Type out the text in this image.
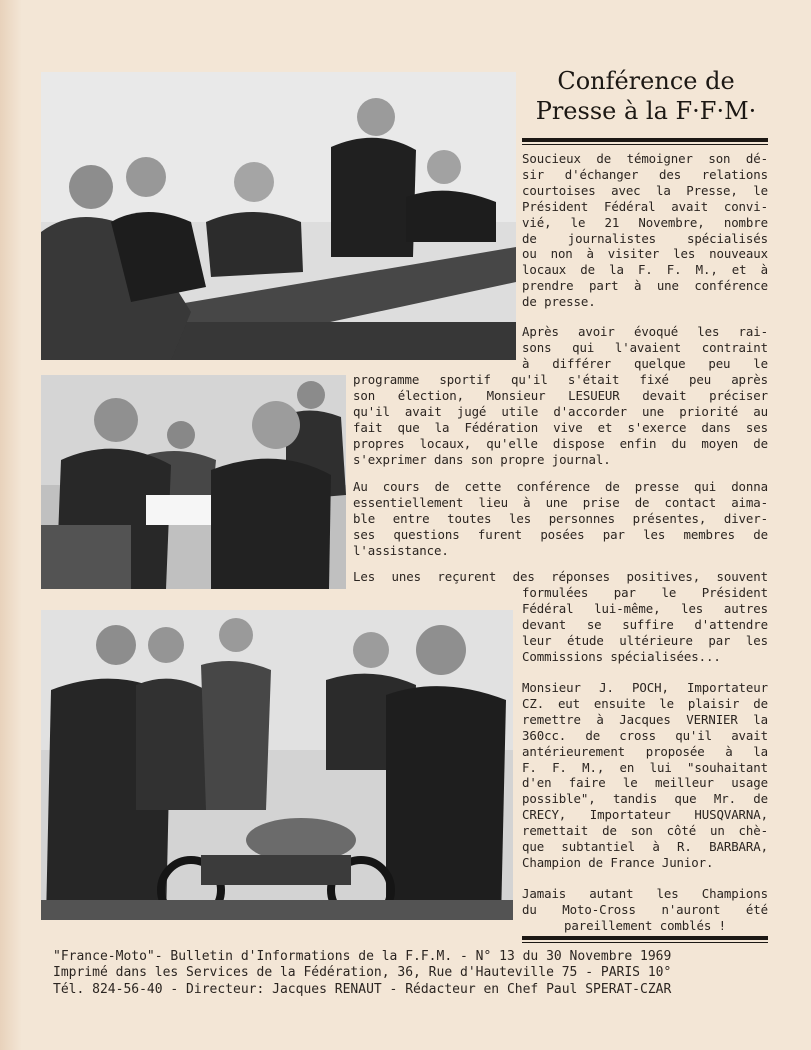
Conférence de
Presse à la F·F·M·
Soucieux de témoigner son dé-
sir d'échanger des relations
courtoises avec la Presse, le
Président Fédéral avait convi-
vié, le 21 Novembre, nombre
de journalistes spécialisés
ou non à visiter les nouveaux
locaux de la F. F. M., et à
prendre part à une conférence
de presse.
Après avoir évoqué les rai-
sons qui l'avaient contraint
à différer quelque peu le
programme sportif qu'il s'était fixé peu après
son élection, Monsieur LESUEUR devait préciser
qu'il avait jugé utile d'accorder une priorité au
fait que la Fédération vive et s'exerce dans ses
propres locaux, qu'elle dispose enfin du moyen de
s'exprimer dans son propre journal.
Au cours de cette conférence de presse qui donna
essentiellement lieu à une prise de contact aima-
ble entre toutes les personnes présentes, diver-
ses questions furent posées par les membres de
l'assistance.
Les unes reçurent des réponses positives, souvent
formulées par le Président
Fédéral lui-même, les autres
devant se suffire d'attendre
leur étude ultérieure par les
Commissions spécialisées...
Monsieur J. POCH, Importateur
CZ. eut ensuite le plaisir de
remettre à Jacques VERNIER la
360cc. de cross qu'il avait
antérieurement proposée à la
F. F. M., en lui "souhaitant
d'en faire le meilleur usage
possible", tandis que Mr. de
CRECY, Importateur HUSQVARNA,
remettait de son côté un chè-
que subtantiel à R. BARBARA,
Champion de France Junior.
Jamais autant les Champions
du Moto-Cross n'auront été
pareillement comblés !
"France-Moto"- Bulletin d'Informations de la F.F.M. - N° 13 du 30 Novembre 1969
Imprimé dans les Services de la Fédération, 36, Rue d'Hauteville 75 - PARIS 10°
Tél. 824-56-40 - Directeur: Jacques RENAUT - Rédacteur en Chef Paul SPERAT-CZAR
